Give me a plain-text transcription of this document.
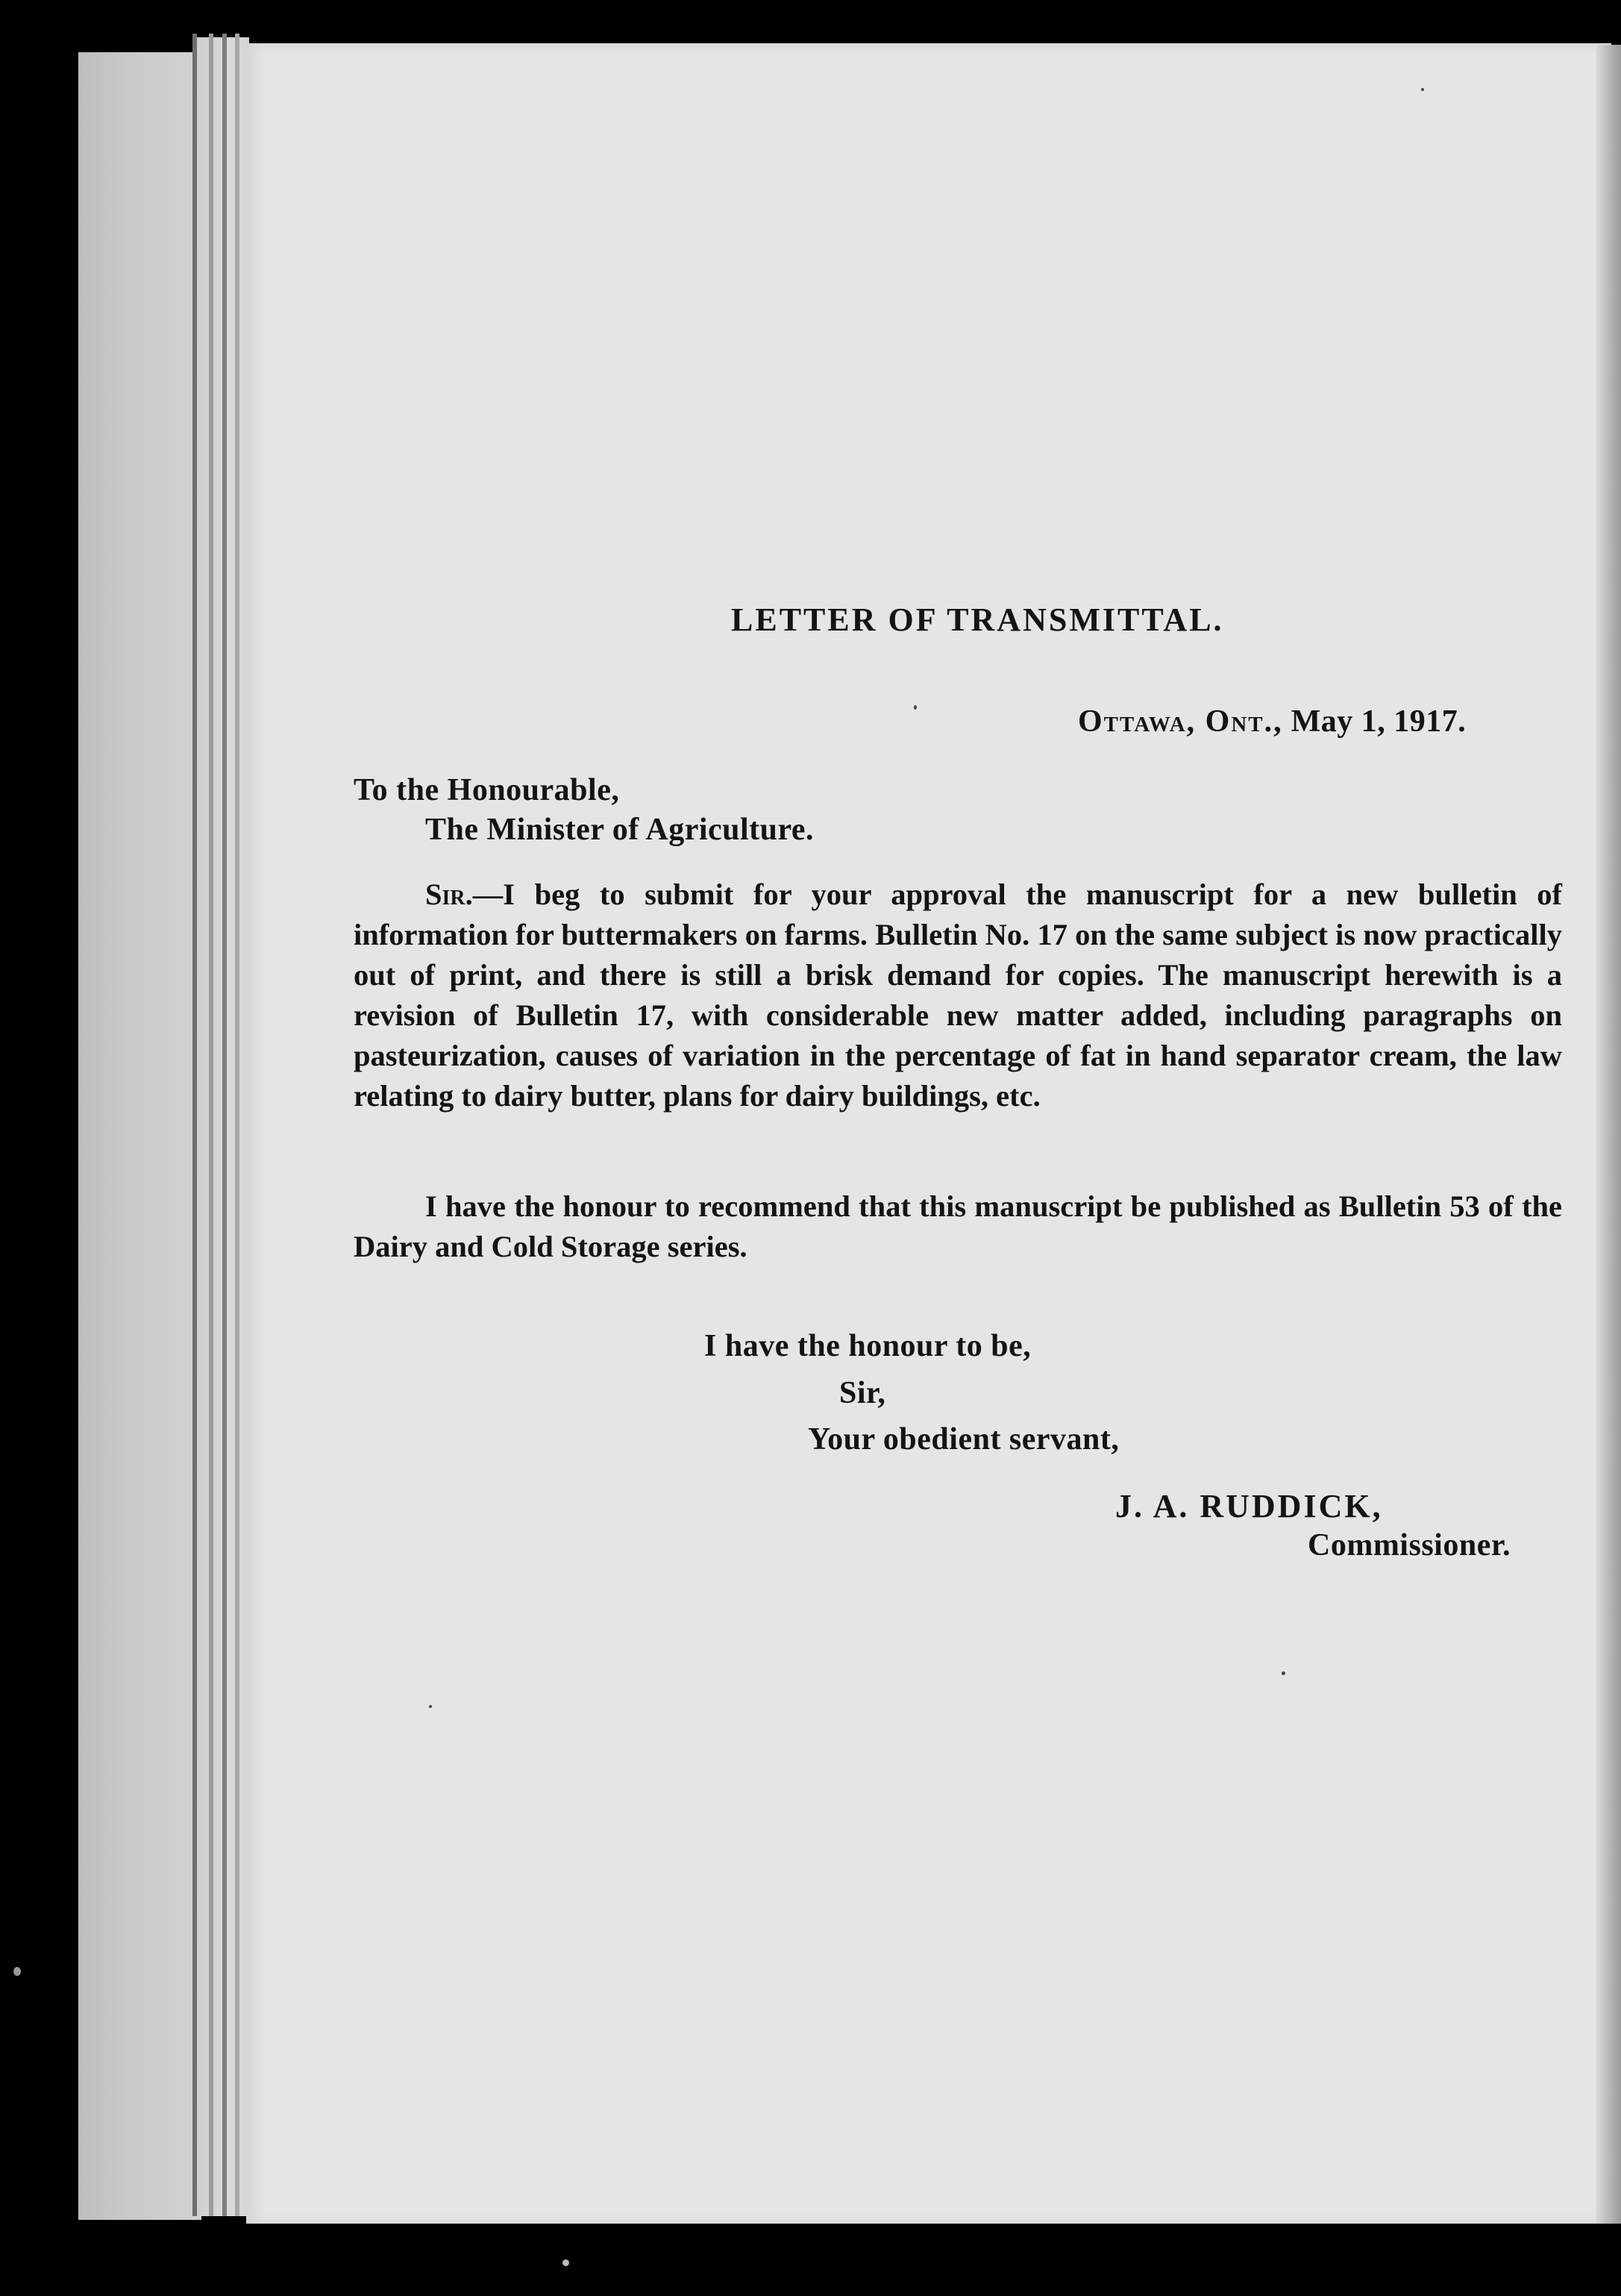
LETTER OF TRANSMITTAL.
Ottawa, Ont., May 1, 1917.
To the Honourable,
The Minister of Agriculture.
Sir.—I beg to submit for your approval the manuscript for a new bulletin of information for buttermakers on farms. Bulletin No. 17 on the same subject is now practically out of print, and there is still a brisk demand for copies. The manuscript herewith is a revision of Bulletin 17, with considerable new matter added, including paragraphs on pasteurization, causes of variation in the percentage of fat in hand separator cream, the law relating to dairy butter, plans for dairy buildings, etc.
I have the honour to recommend that this manuscript be published as Bulletin 53 of the Dairy and Cold Storage series.
I have the honour to be,
Sir,
Your obedient servant,
J. A. RUDDICK,
Commissioner.
